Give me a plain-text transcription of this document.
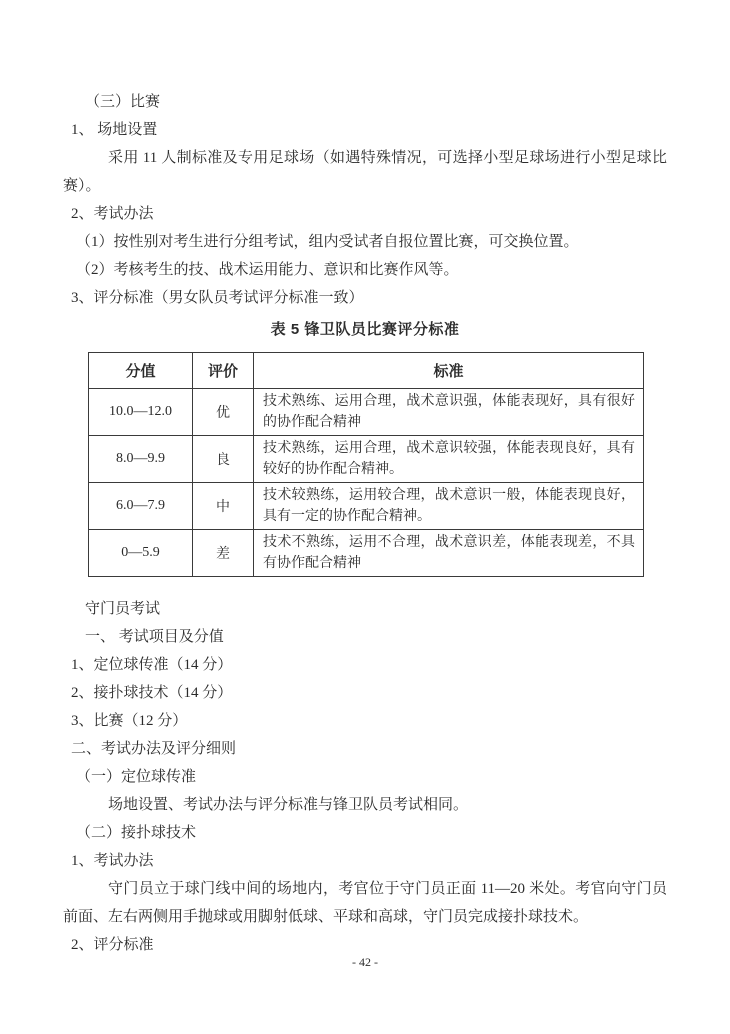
（三）比赛

1、 场地设置

采用 11 人制标准及专用足球场（如遇特殊情况，可选择小型足球场进行小型足球比赛）。

2、考试办法

（1）按性别对考生进行分组考试，组内受试者自报位置比赛，可交换位置。

（2）考核考生的技、战术运用能力、意识和比赛作风等。

3、评分标准（男女队员考试评分标准一致）

表 5 锋卫队员比赛评分标准
分值	评价	标准
10.0—12.0	优	技术熟练、运用合理，战术意识强，体能表现好，具有很好的协作配合精神
8.0—9.9	良	技术熟练，运用合理，战术意识较强，体能表现良好，具有较好的协作配合精神。
6.0—7.9	中	技术较熟练，运用较合理，战术意识一般，体能表现良好，具有一定的协作配合精神。
0—5.9	差	技术不熟练，运用不合理，战术意识差，体能表现差，不具有协作配合精神

守门员考试

一、 考试项目及分值

1、定位球传准（14 分）

2、接扑球技术（14 分）

3、比赛（12 分）

二、考试办法及评分细则

（一）定位球传准

场地设置、考试办法与评分标准与锋卫队员考试相同。

（二）接扑球技术

1、考试办法

守门员立于球门线中间的场地内，考官位于守门员正面 11—20 米处。考官向守门员前面、左右两侧用手抛球或用脚射低球、平球和高球，守门员完成接扑球技术。

2、评分标准

- 42 -
